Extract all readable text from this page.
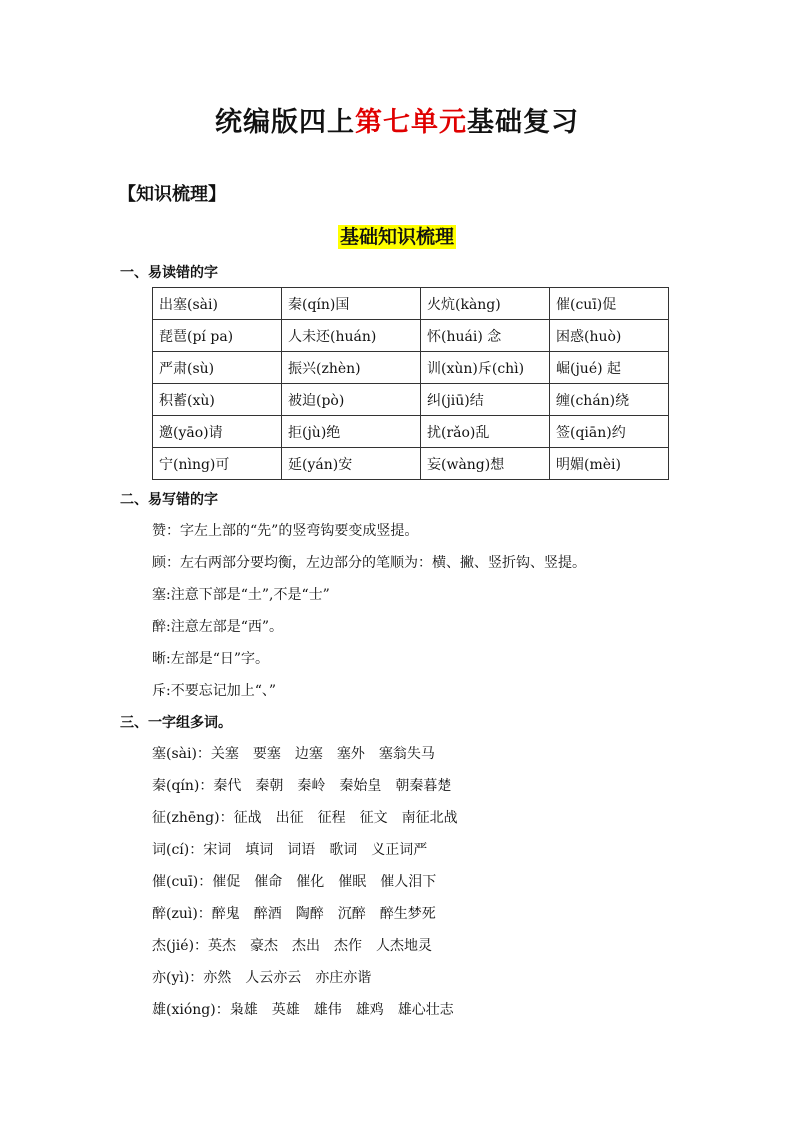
统编版四上第七单元基础复习
【知识梳理】
基础知识梳理
一、易读错的字
出塞(sài)	秦(qín)国	火炕(kàng)	催(cuī)促
琵琶(pí pa)	人未还(huán)	怀(huái) 念	困惑(huò)
严肃(sù)	振兴(zhèn)	训(xùn)斥(chì)	崛(jué) 起
积蓄(xù)	被迫(pò)	纠(jiū)结	缠(chán)绕
邀(yāo)请	拒(jù)绝	扰(rǎo)乱	签(qiān)约
宁(nìng)可	延(yán)安	妄(wàng)想	明媚(mèi)
二、易写错的字
赞：字左上部的“先”的竖弯钩要变成竖提。
顾：左右两部分要均衡，左边部分的笔顺为：横、撇、竖折钩、竖提。
塞:注意下部是“土”,不是“士”
醉:注意左部是“西”。
晰:左部是“日”字。
斥:不要忘记加上“、”
三、一字组多词。
塞(sài)：关塞　要塞　边塞　塞外　塞翁失马
秦(qín)：秦代　秦朝　秦岭　秦始皇　朝秦暮楚
征(zhēng)：征战　出征　征程　征文　南征北战
词(cí)：宋词　填词　词语　歌词　义正词严
催(cuī)：催促　催命　催化　催眠　催人泪下
醉(zuì)：醉鬼　醉酒　陶醉　沉醉　醉生梦死
杰(jié)：英杰　豪杰　杰出　杰作　人杰地灵
亦(yì)：亦然　人云亦云　亦庄亦谐
雄(xióng)：枭雄　英雄　雄伟　雄鸡　雄心壮志
